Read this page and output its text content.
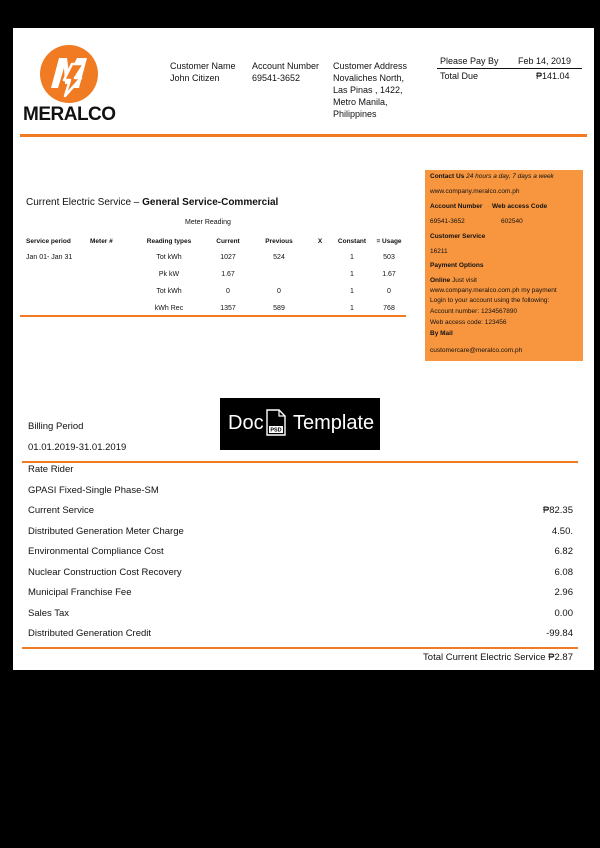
MERALCO
Customer Name
John Citizen
Account Number
69541-3652
Customer Address
Novaliches North,
Las Pinas , 1422,
Metro Manila,
Philippines
Please Pay By Feb 14, 2019
Total Due	₱141.04
Current Electric Service – General Service-Commercial
Meter Reading
Service period	Meter #	Reading types	Current	Previous	X	Constant	= Usage
Jan 01- Jan 31		Tot kWh	1027	524		1	503
		Pk kW	1.67			1	1.67
		Tot kWh	0	0		1	0
		kWh Rec	1357	589		1	768
Contact Us 24 hours a day, 7 days a week
www.company.meralco.com.ph
Account Number Web access Code
69541-3652	602540
Customer Service
16211
Payment Options
Online Just visit
www.company.meralco.com.ph my payment
Login to your account using the following:
Account number: 1234567890
Web access code: 123456
By Mail
customercare@meralco.com.ph
Doc PSD Template
Billing Period
01.01.2019-31.01.2019
Rate Rider
GPASI Fixed-Single Phase-SM
Current Service	₱82.35
Distributed Generation Meter Charge	4.50.
Environmental Compliance Cost	6.82
Nuclear Construction Cost Recovery	6.08
Municipal Franchise Fee	2.96
Sales Tax	0.00
Distributed Generation Credit	-99.84
Total Current Electric Service ₱2.87
